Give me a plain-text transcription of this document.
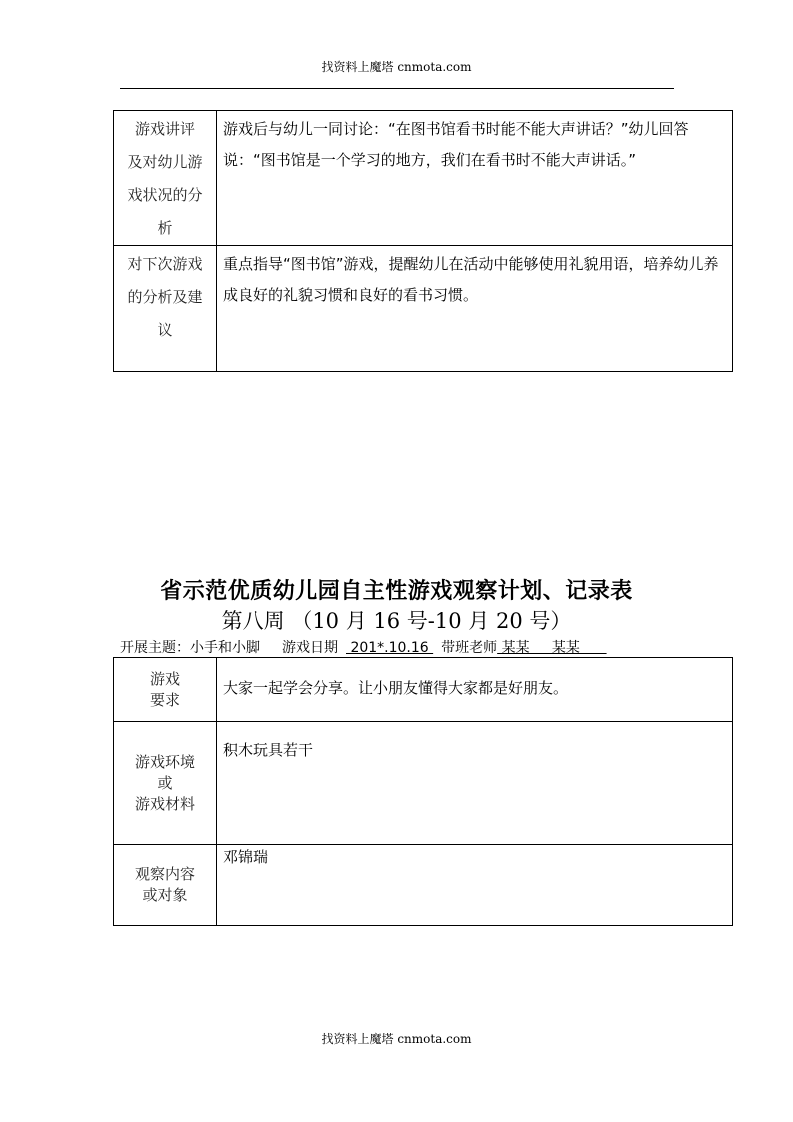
找资料上魔塔 cnmota.com
游戏讲评
及对幼儿游
戏状况的分
析	游戏后与幼儿一同讨论：“在图书馆看书时能不能大声讲话？”幼儿回答说：“图书馆是一个学习的地方，我们在看书时不能大声讲话。”

对下次游戏
的分析及建
议	重点指导“图书馆”游戏，提醒幼儿在活动中能够使用礼貌用语，培养幼儿养成良好的礼貌习惯和良好的看书习惯。
省示范优质幼儿园自主性游戏观察计划、记录表
第八周 （10 月 16 号-10 月 20 号）
开展主题：小手和小脚 游戏日期 201*.10.16 带班老师 某某     某某
游戏
要求	大家一起学会分享。让小朋友懂得大家都是好朋友。

游戏环境
或
游戏材料	积木玩具若干

观察内容
或对象	邓锦瑞
找资料上魔塔 cnmota.com
